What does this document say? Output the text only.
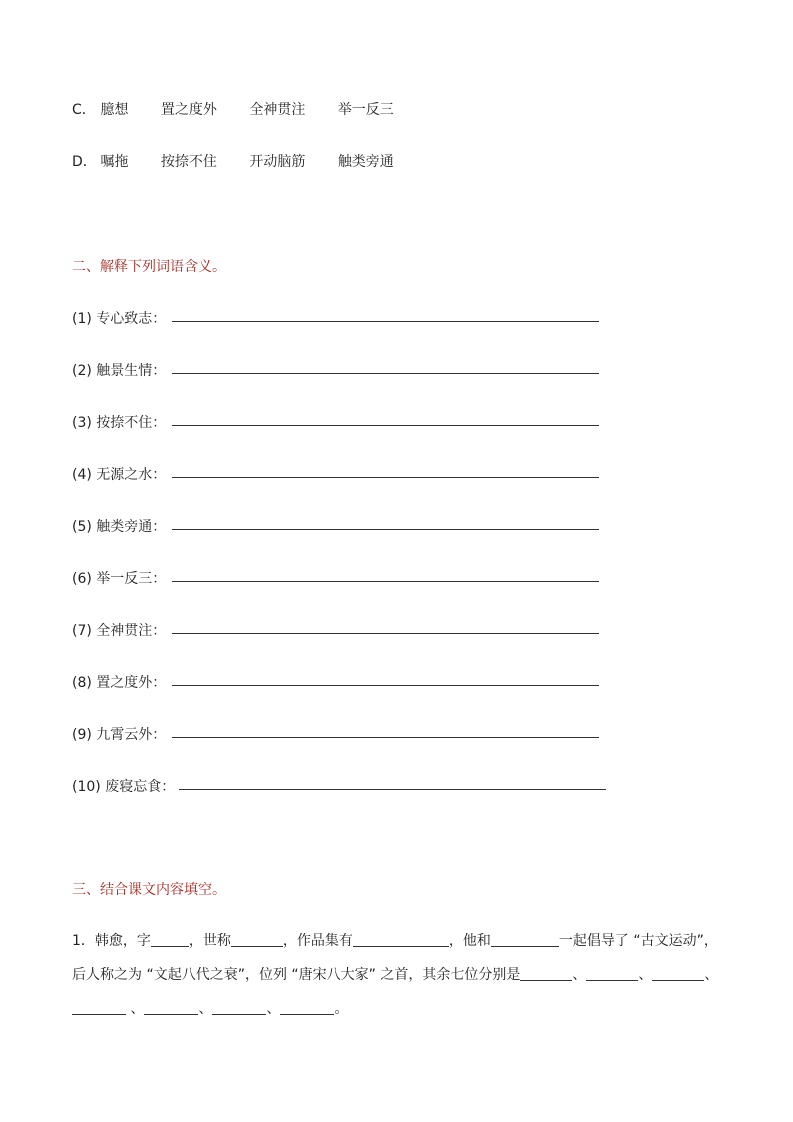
C． 臆想 置之度外 全神贯注 举一反三
D． 嘱拖 按捺不住 开动脑筋 触类旁通
二、解释下列词语含义。
(1) 专心致志：
(2) 触景生情：
(3) 按捺不住：
(4) 无源之水：
(5) 触类旁通：
(6) 举一反三：
(7) 全神贯注：
(8) 置之度外：
(9) 九霄云外：
(10) 废寝忘食：
三、结合课文内容填空。
1．韩愈，字	，世称	，作品集有	，他和	一起倡导了 “古文运动”，
后人称之为 “文起八代之衰”，位列 “唐宋八大家” 之首，其余七位分别是	、	、	、
、	、	、	。
